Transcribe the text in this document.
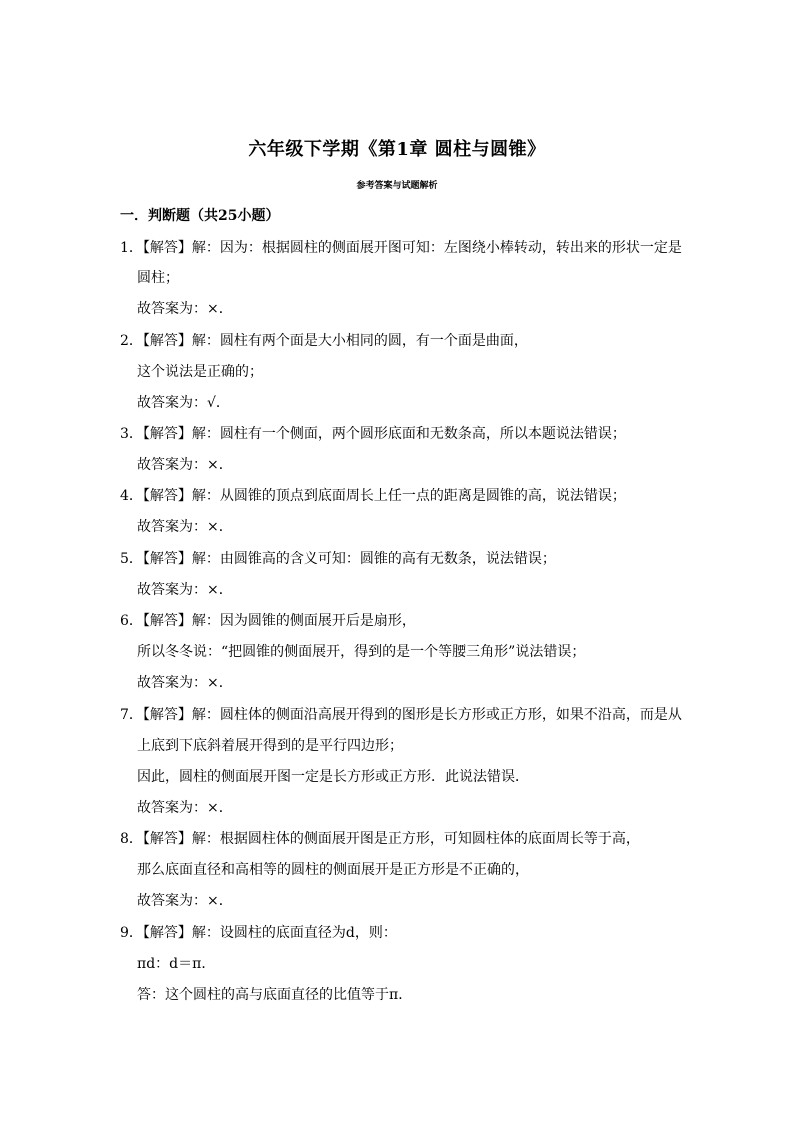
六年级下学期《第1章 圆柱与圆锥》
参考答案与试题解析
一．判断题（共25小题）
1．【解答】解：因为：根据圆柱的侧面展开图可知：左图绕小棒转动，转出来的形状一定是
圆柱；
故答案为：×．
2．【解答】解：圆柱有两个面是大小相同的圆，有一个面是曲面，
这个说法是正确的；
故答案为：√．
3．【解答】解：圆柱有一个侧面，两个圆形底面和无数条高，所以本题说法错误；
故答案为：×．
4．【解答】解：从圆锥的顶点到底面周长上任一点的距离是圆锥的高，说法错误；
故答案为：×．
5．【解答】解：由圆锥高的含义可知：圆锥的高有无数条，说法错误；
故答案为：×．
6．【解答】解：因为圆锥的侧面展开后是扇形，
所以冬冬说：“把圆锥的侧面展开，得到的是一个等腰三角形”说法错误；
故答案为：×．
7．【解答】解：圆柱体的侧面沿高展开得到的图形是长方形或正方形，如果不沿高，而是从
上底到下底斜着展开得到的是平行四边形；
因此，圆柱的侧面展开图一定是长方形或正方形．此说法错误．
故答案为：×．
8．【解答】解：根据圆柱体的侧面展开图是正方形，可知圆柱体的底面周长等于高，
那么底面直径和高相等的圆柱的侧面展开是正方形是不正确的，
故答案为：×．
9．【解答】解：设圆柱的底面直径为d，则：
πd：d＝π．
答：这个圆柱的高与底面直径的比值等于π．
